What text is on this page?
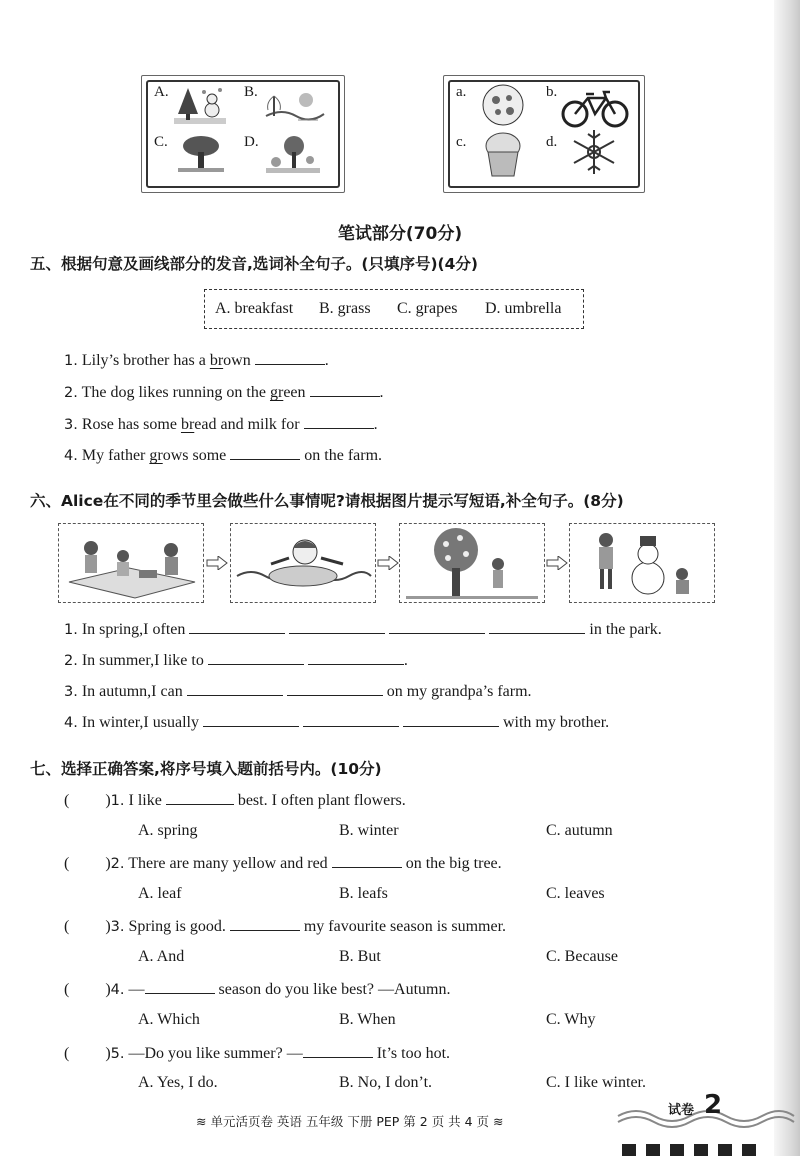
A.	B.
C.	D.
a.	b.
c.	d.
笔试部分(70分)
五、根据句意及画线部分的发音,选词补全句子。(只填序号)(4分)
A. breakfast B. grass C. grapes D. umbrella
1. Lily’s brother has a brown	.
2. The dog likes running on the green	.
3. Rose has some bread and milk for	.
4. My father grows some	on the farm.
六、Alice在不同的季节里会做些什么事情呢?请根据图片提示写短语,补全句子。(8分)
1. In spring,I often	in the park.
2. In summer,I like to	.
3. In autumn,I can	on my grandpa’s farm.
4. In winter,I usually	with my brother.
七、选择正确答案,将序号填入题前括号内。(10分)
( )1. I like	best. I often plant flowers.
A. spring	B. winter	C. autumn
( )2. There are many yellow and red	on the big tree.
A. leaf	B. leafs	C. leaves
( )3. Spring is good.	my favourite season is summer.
A. And	B. But	C. Because
( )4. —	season do you like best? —Autumn.
A. Which	B. When	C. Why
( )5. —Do you like summer? —	It’s too hot.
A. Yes, I do.	B. No, I don’t.	C. I like winter.
≋ 单元活页卷 英语 五年级 下册 PEP 第 2 页 共 4 页 ≋
试卷 2
